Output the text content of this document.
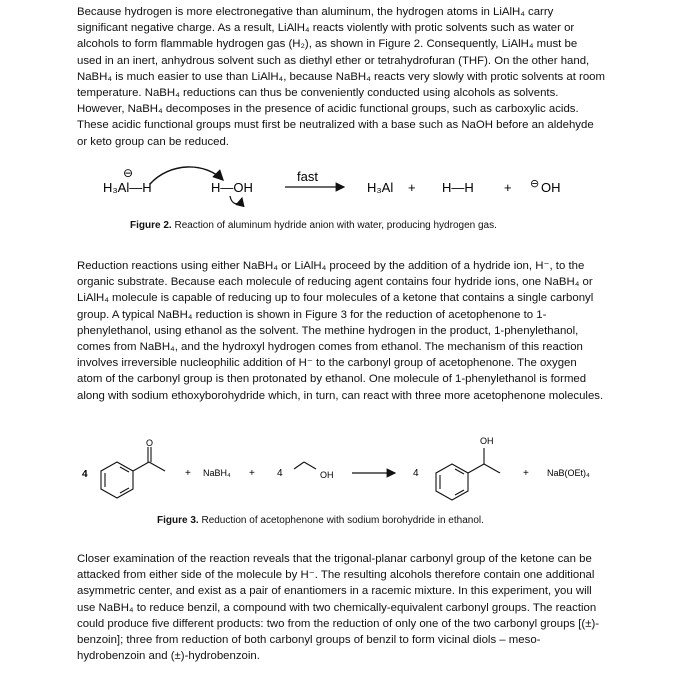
Because hydrogen is more electronegative than aluminum, the hydrogen atoms in LiAlH₄ carry significant negative charge. As a result, LiAlH₄ reacts violently with protic solvents such as water or alcohols to form flammable hydrogen gas (H₂), as shown in Figure 2. Consequently, LiAlH₄ must be used in an inert, anhydrous solvent such as diethyl ether or tetrahydrofuran (THF). On the other hand, NaBH₄ is much easier to use than LiAlH₄, because NaBH₄ reacts very slowly with protic solvents at room temperature. NaBH₄ reductions can thus be conveniently conducted using alcohols as solvents. However, NaBH₄ decomposes in the presence of acidic functional groups, such as carboxylic acids. These acidic functional groups must first be neutralized with a base such as NaOH before an aldehyde or keto group can be reduced.

⊖
H₃Al—H	H—OH
fast
H₃Al + H—H + ⊖ OH
Figure 2. Reaction of aluminum hydride anion with water, producing hydrogen gas.

Reduction reactions using either NaBH₄ or LiAlH₄ proceed by the addition of a hydride ion, H⁻, to the organic substrate. Because each molecule of reducing agent contains four hydride ions, one NaBH₄ or LiAlH₄ molecule is capable of reducing up to four molecules of a ketone that contains a single carbonyl group. A typical NaBH₄ reduction is shown in Figure 3 for the reduction of acetophenone to 1-phenylethanol, using ethanol as the solvent. The methine hydrogen in the product, 1-phenylethanol, comes from NaBH₄, and the hydroxyl hydrogen comes from ethanol. The mechanism of this reaction involves irreversible nucleophilic addition of H⁻ to the carbonyl group of acetophenone. The oxygen atom of the carbonyl group is then protonated by ethanol. One molecule of 1-phenylethanol is formed along with sodium ethoxyborohydride which, in turn, can react with three more acetophenone molecules.

4
O
+ NaBH₄ + 4	OH	4
OH
+ NaB(OEt)₄
Figure 3. Reduction of acetophenone with sodium borohydride in ethanol.

Closer examination of the reaction reveals that the trigonal-planar carbonyl group of the ketone can be attacked from either side of the molecule by H⁻. The resulting alcohols therefore contain one additional asymmetric center, and exist as a pair of enantiomers in a racemic mixture. In this experiment, you will use NaBH₄ to reduce benzil, a compound with two chemically-equivalent carbonyl groups. The reaction could produce five different products: two from the reduction of only one of the two carbonyl groups [(±)-benzoin]; three from reduction of both carbonyl groups of benzil to form vicinal diols – meso-hydrobenzoin and (±)-hydrobenzoin.
